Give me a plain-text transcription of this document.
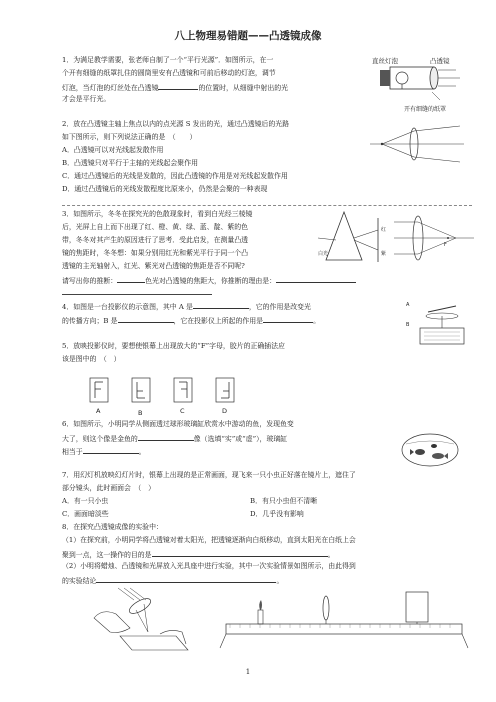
八上物理易错题——凸透镜成像
1．为满足教学需要，张老师自制了一个“平行光源”．如图所示，在一
个开有细缝的纸罩扎住的圆筒里安有凸透镜和可前后移动的灯泡，调节
灯泡，当灯泡的灯丝处在凸透镜	的位置时，从细缝中射出的光
才会是平行光。
直丝灯泡	凸透镜
开有细缝的纸罩
2．放在凸透镜主轴上焦点以内的点光源 S 发出的光，通过凸透镜后的光路
如下图所示，则下列说法正确的是　（　　）
A．凸透镜可以对光线起发散作用
B．凸透镜只对平行于主轴的光线起会聚作用
C．通过凸透镜后的光线是发散的，因此凸透镜的作用是对光线起发散作用
D．通过凸透镜后的光线发散程度比原来小，仍然是会聚的一种表现
3．如图所示，冬冬在探究光的色散现象时，看到白光经三棱镜
后，光屏上自上而下出现了红、橙、黄、绿、蓝、靛、紫的色
带，冬冬对其产生的原因进行了思考．受此启发，在测量凸透
镜的焦距时，冬冬想：如果分别用红光和紫光平行于同一个凸
透镜的主光轴射入，红光、紫光对凸透镜的焦距是否不同呢?
请写出你的推断：	色光对凸透镜的焦距大，你推断的理由是：
白光
红
紫
F
4．如图是一台投影仪的示意图，其中 A 是	，它的作用是改变光
的传播方向；B 是	，它在投影仪上所起的作用是	。
A
B
5．放映投影仪时，要想使银幕上出现放大的“F”字母，胶片的正确插法应
该是图中的　（　）
A	B	C	D
6．如图所示，小明同学从侧面透过球形玻璃缸欣赏水中游动的鱼，发现鱼变
大了，则这个像是金鱼的	像（选填“实”或“虚”），玻璃缸
相当于	。
7．用幻灯机放映幻灯片时，银幕上出现的是正常画面，现飞来一只小虫正好落在镜片上，遮住了
部分镜头，此时画面会　（　）
A．有一只小虫	B．有只小虫但不清晰
C．画面暗淡些	D．几乎没有影响
8．在探究凸透镜成像的实验中：
（1）在探究前，小明同学将凸透镜对着太阳光，把透镜逐渐向白纸移动，直到太阳光在白纸上会
聚到一点，这一操作的目的是	。
（2）小明将蜡烛、凸透镜和光屏放入光具座中进行实验，其中一次实验情景如图所示，由此得到
的实验结论	。
1
